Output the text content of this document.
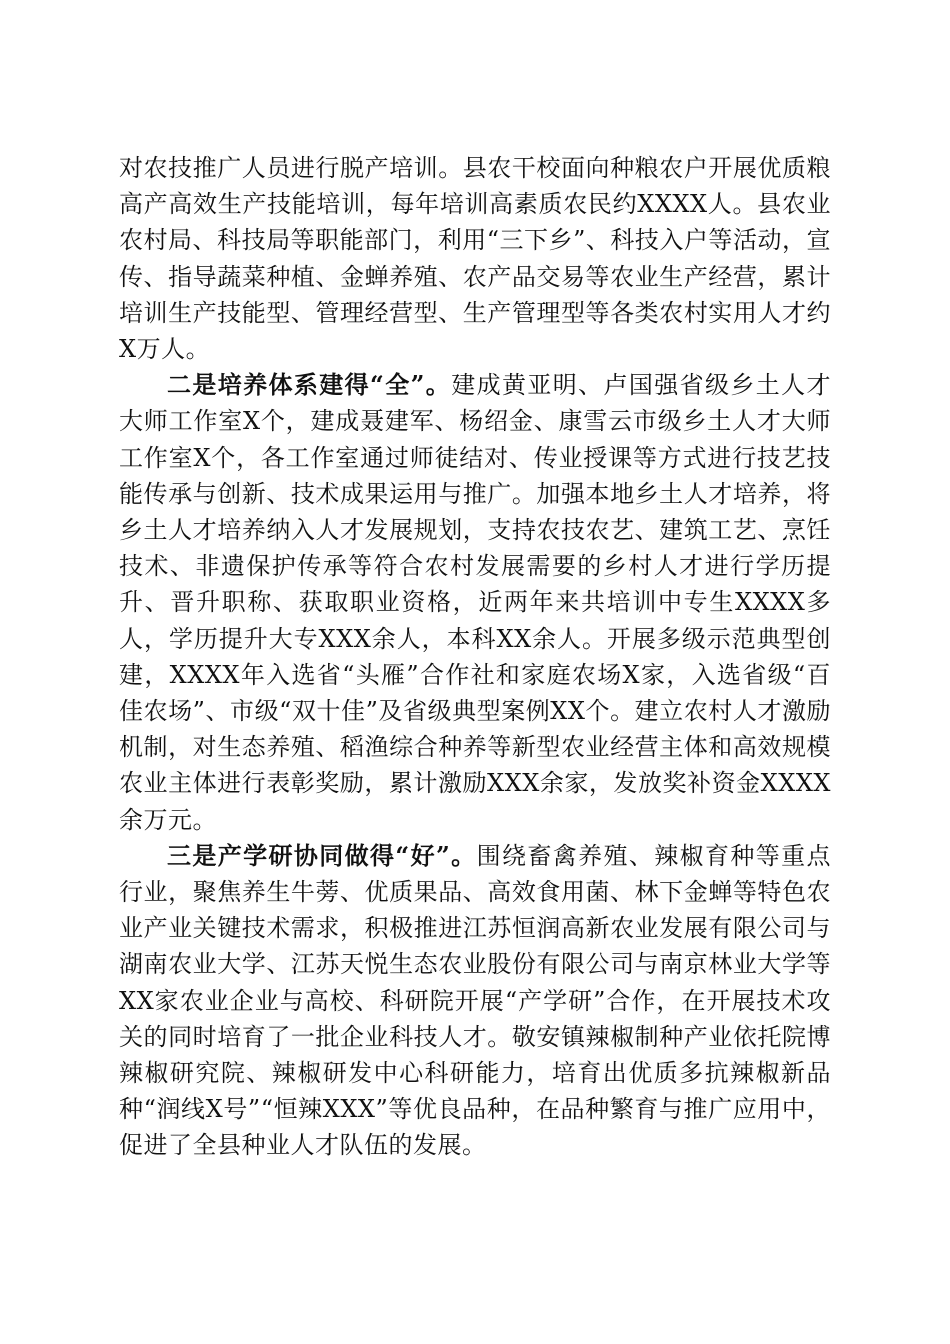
对农技推广人员进行脱产培训。县农干校面向种粮农户开展优质粮高产高效生产技能培训，每年培训高素质农民约XXXX人。县农业农村局、科技局等职能部门，利用“三下乡”、科技入户等活动，宣传、指导蔬菜种植、金蝉养殖、农产品交易等农业生产经营，累计培训生产技能型、管理经营型、生产管理型等各类农村实用人才约X万人。

二是培养体系建得“全”。建成黄亚明、卢国强省级乡土人才大师工作室X个，建成聂建军、杨绍金、康雪云市级乡土人才大师工作室X个，各工作室通过师徒结对、传业授课等方式进行技艺技能传承与创新、技术成果运用与推广。加强本地乡土人才培养，将乡土人才培养纳入人才发展规划，支持农技农艺、建筑工艺、烹饪技术、非遗保护传承等符合农村发展需要的乡村人才进行学历提升、晋升职称、获取职业资格，近两年来共培训中专生XXXX多人，学历提升大专XXX余人，本科XX余人。开展多级示范典型创建，XXXX年入选省“头雁”合作社和家庭农场X家，入选省级“百佳农场”、市级“双十佳”及省级典型案例XX个。建立农村人才激励机制，对生态养殖、稻渔综合种养等新型农业经营主体和高效规模农业主体进行表彰奖励，累计激励XXX余家，发放奖补资金XXXX余万元。

三是产学研协同做得“好”。围绕畜禽养殖、辣椒育种等重点行业，聚焦养生牛蒡、优质果品、高效食用菌、林下金蝉等特色农业产业关键技术需求，积极推进江苏恒润高新农业发展有限公司与湖南农业大学、江苏天悦生态农业股份有限公司与南京林业大学等XX家农业企业与高校、科研院开展“产学研”合作，在开展技术攻关的同时培育了一批企业科技人才。敬安镇辣椒制种产业依托院博辣椒研究院、辣椒研发中心科研能力，培育出优质多抗辣椒新品种“润线X号”“恒辣XXX”等优良品种，在品种繁育与推广应用中，促进了全县种业人才队伍的发展。
